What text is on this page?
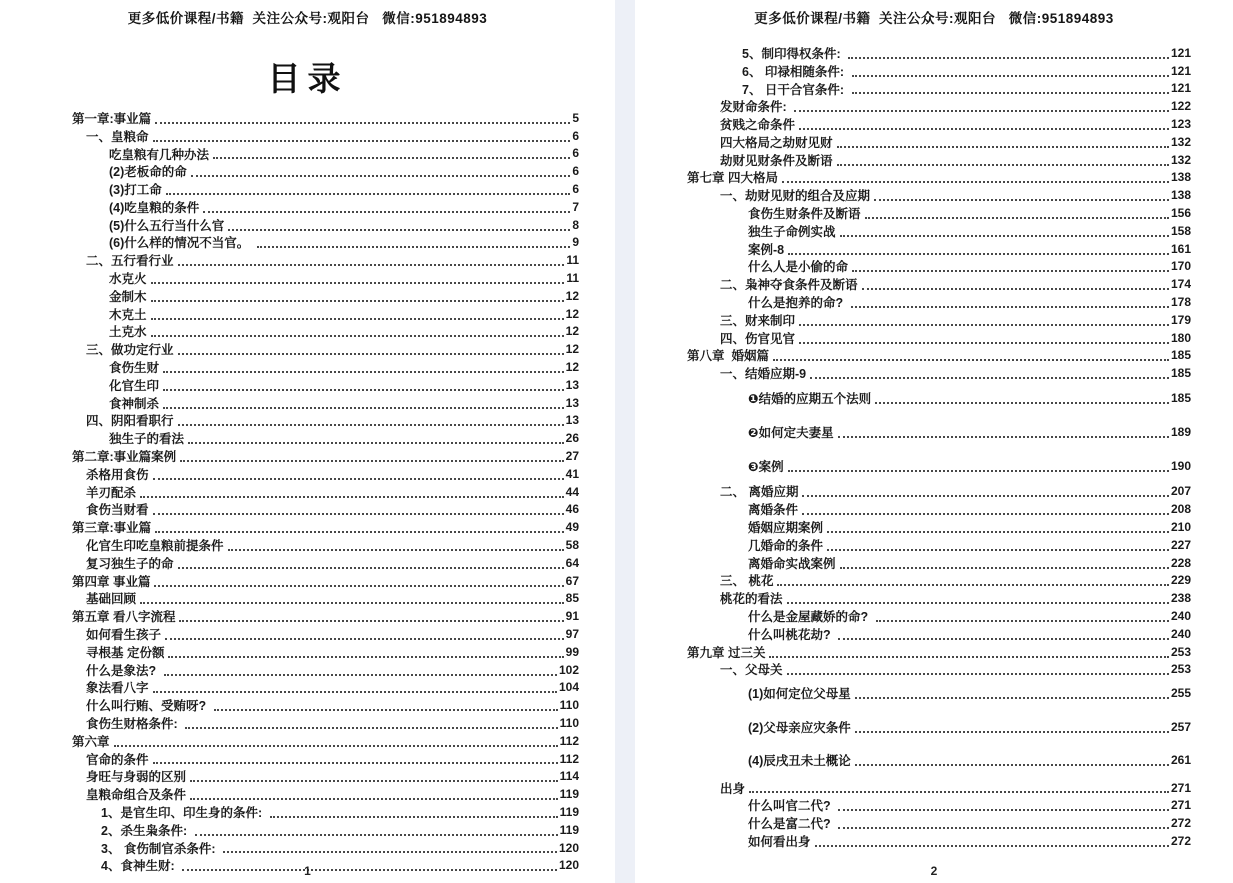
更多低价课程/书籍  关注公众号:观阳台   微信:951894893
目录
第一章:事业篇	5
一、皇粮命	6
吃皇粮有几种办法	6
(2)老板命的命	6
(3)打工命	6
(4)吃皇粮的条件	7
(5)什么五行当什么官	8
(6)什么样的情况不当官。	9
二、五行看行业	11
水克火	11
金制木	12
木克土	12
土克水	12
三、做功定行业	12
食伤生财	12
化官生印	13
食神制杀	13
四、阴阳看职行	13
独生子的看法	26
第二章:事业篇案例	27
杀格用食伤	41
羊刃配杀	44
食伤当财看	46
第三章:事业篇	49
化官生印吃皇粮前提条件	58
复习独生子的命	64
第四章 事业篇	67
基础回顾	85
第五章 看八字流程	91
如何看生孩子	97
寻根基 定份额	99
什么是象法?	102
象法看八字	104
什么叫行贿、受贿呀?	110
食伤生财格条件:	110
第六章	112
官命的条件	112
身旺与身弱的区别	114
皇粮命组合及条件	119
1、是官生印、印生身的条件:	119
2、杀生枭条件:	119
3、 食伤制官杀条件:	120
4、食神生财:	120
1
更多低价课程/书籍  关注公众号:观阳台   微信:951894893
5、制印得权条件:	121
6、 印禄相随条件:	121
7、 日干合官条件:	121
发财命条件:	122
贫贱之命条件	123
四大格局之劫财见财	132
劫财见财条件及断语	132
第七章 四大格局	138
一、劫财见财的组合及应期	138
食伤生财条件及断语	156
独生子命例实战	158
案例-8	161
什么人是小偷的命	170
二、枭神夺食条件及断语	174
什么是抱养的命?	178
三、财来制印	179
四、伤官见官	180
第八章  婚姻篇	185
一、结婚应期-9	185
❶结婚的应期五个法则	185
❷如何定夫妻星	189
❸案例	190
二、 离婚应期	207
离婚条件	208
婚姻应期案例	210
几婚命的条件	227
离婚命实战案例	228
三、 桃花	229
桃花的看法	238
什么是金屋藏娇的命?	240
什么叫桃花劫?	240
第九章 过三关	253
一、父母关	253
(1)如何定位父母星	255
(2)父母亲应灾条件	257
(4)辰戌丑未土概论	261
出身	271
什么叫官二代?	271
什么是富二代?	272
如何看出身	272
2
